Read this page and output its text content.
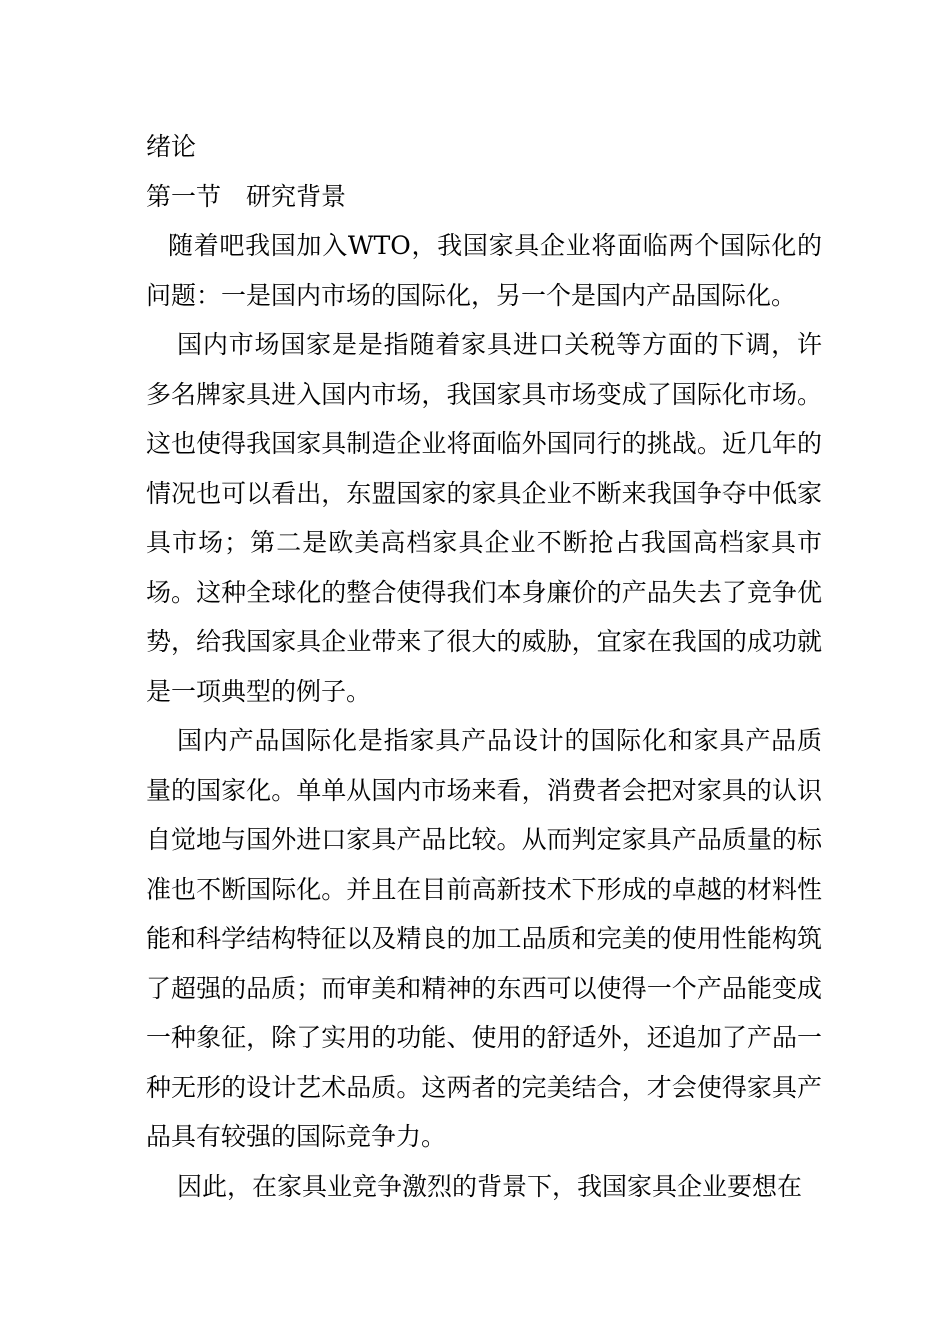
绪论
第一节　研究背景

随着吧我国加入WTO，我国家具企业将面临两个国际化的问题：一是国内市场的国际化，另一个是国内产品国际化。

国内市场国家是是指随着家具进口关税等方面的下调，许多名牌家具进入国内市场，我国家具市场变成了国际化市场。这也使得我国家具制造企业将面临外国同行的挑战。近几年的情况也可以看出，东盟国家的家具企业不断来我国争夺中低家具市场；第二是欧美高档家具企业不断抢占我国高档家具市场。这种全球化的整合使得我们本身廉价的产品失去了竞争优势，给我国家具企业带来了很大的威胁，宜家在我国的成功就是一项典型的例子。

国内产品国际化是指家具产品设计的国际化和家具产品质量的国家化。单单从国内市场来看，消费者会把对家具的认识自觉地与国外进口家具产品比较。从而判定家具产品质量的标准也不断国际化。并且在目前高新技术下形成的卓越的材料性能和科学结构特征以及精良的加工品质和完美的使用性能构筑了超强的品质；而审美和精神的东西可以使得一个产品能变成一种象征，除了实用的功能、使用的舒适外，还追加了产品一种无形的设计艺术品质。这两者的完美结合，才会使得家具产品具有较强的国际竞争力。

因此，在家具业竞争激烈的背景下，我国家具企业要想在
